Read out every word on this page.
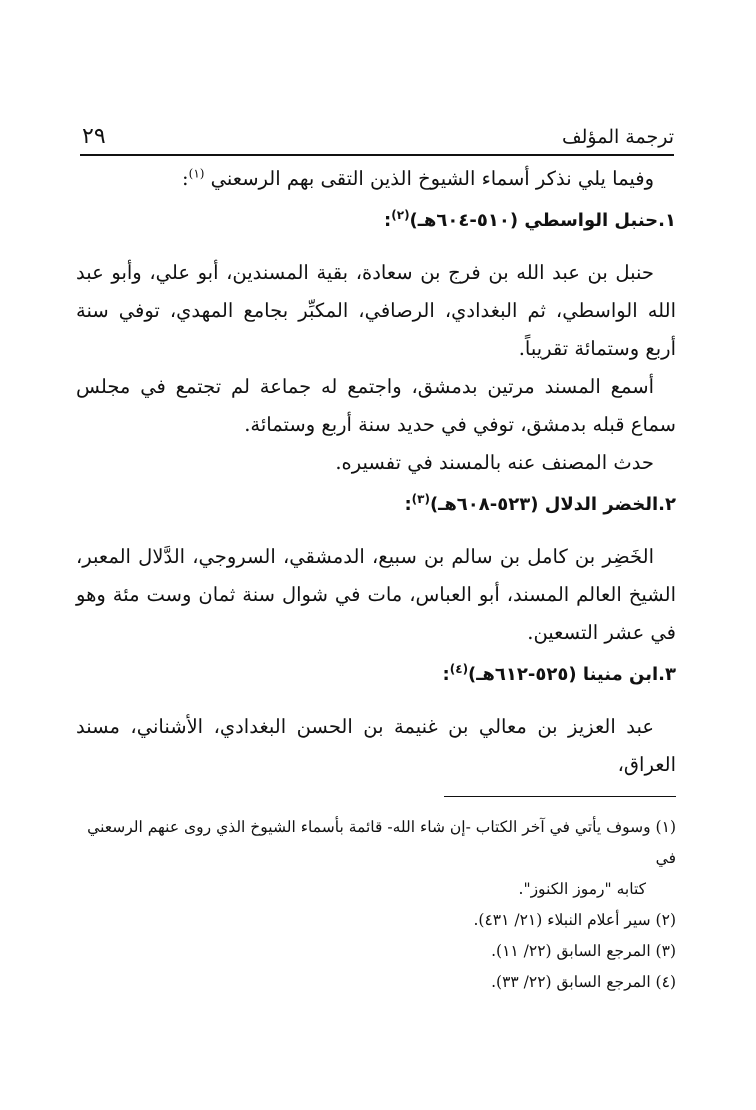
ترجمة المؤلف
٢٩

وفيما يلي نذكر أسماء الشيوخ الذين التقى بهم الرسعني $^{(١)}$:

١.حنبل الواسطي (٥١٠-٦٠٤هـ)$^{(٢)}$:

حنبل بن عبد الله بن فرج بن سعادة، بقية المسندين، أبو علي، وأبو عبد الله الواسطي، ثم البغدادي، الرصافي، المكبِّر بجامع المهدي، توفي سنة أربع وستمائة تقريباً.

أسمع المسند مرتين بدمشق، واجتمع له جماعة لم تجتمع في مجلس سماع قبله بدمشق، توفي في حديد سنة أربع وستمائة.

حدث المصنف عنه بالمسند في تفسيره.

٢.الخضر الدلال (٥٢٣-٦٠٨هـ)$^{(٣)}$:

الخَضِر بن كامل بن سالم بن سبيع، الدمشقي، السروجي، الدَّلال المعبر، الشيخ العالم المسند، أبو العباس، مات في شوال سنة ثمان وست مئة وهو في عشر التسعين.

٣.ابن منينا (٥٢٥-٦١٢هـ)$^{(٤)}$:

عبد العزيز بن معالي بن غنيمة بن الحسن البغدادي، الأشناني، مسند العراق،

(١) وسوف يأتي في آخر الكتاب -إن شاء الله- قائمة بأسماء الشيوخ الذي روى عنهم الرسعني في

كتابه "رموز الكنوز".

(٢) سير أعلام النبلاء (٢١/ ٤٣١).

(٣) المرجع السابق (٢٢/ ١١).

(٤) المرجع السابق (٢٢/ ٣٣).
